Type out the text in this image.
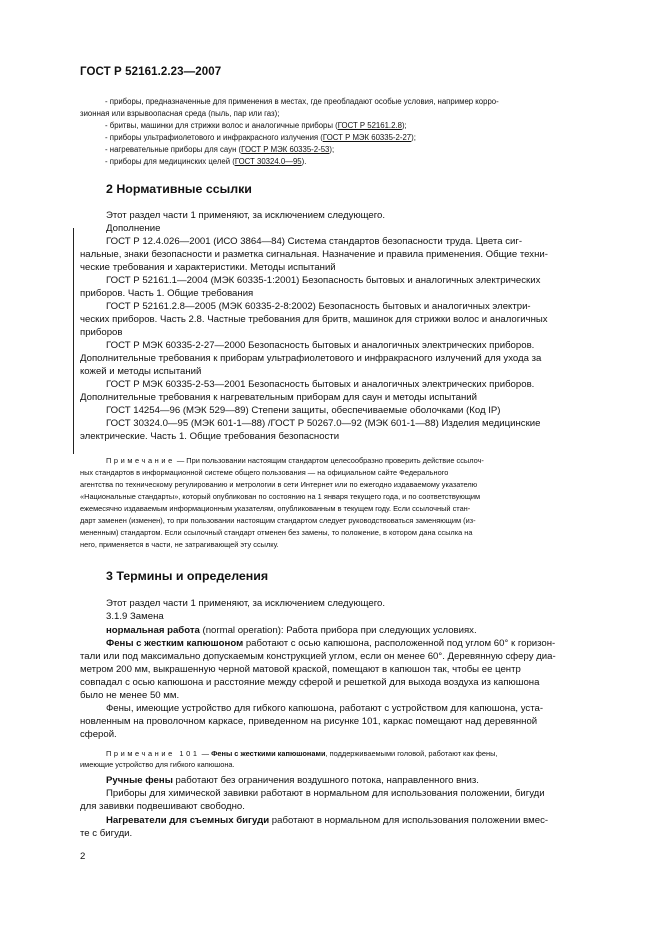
ГОСТ Р 52161.2.23—2007
- приборы, предназначенные для применения в местах, где преобладают особые условия, например корро-
зионная или взрывоопасная среда (пыль, пар или газ);
- бритвы, машинки для стрижки волос и аналогичные приборы (ГОСТ Р 52161.2.8);
- приборы ультрафиолетового и инфракрасного излучения (ГОСТ Р МЭК 60335-2-27);
- нагревательные приборы для саун (ГОСТ Р МЭК 60335-2-53);
- приборы для медицинских целей (ГОСТ 30324.0—95).
2 Нормативные ссылки
Этот раздел части 1 применяют, за исключением следующего.
Дополнение
ГОСТ Р 12.4.026—2001 (ИСО 3864—84) Система стандартов безопасности труда. Цвета сиг-
нальные, знаки безопасности и разметка сигнальная. Назначение и правила применения. Общие техни-
ческие требования и характеристики. Методы испытаний
ГОСТ Р 52161.1—2004 (МЭК 60335-1:2001) Безопасность бытовых и аналогичных электрических
приборов. Часть 1. Общие требования
ГОСТ Р 52161.2.8—2005 (МЭК 60335-2-8:2002) Безопасность бытовых и аналогичных электри-
ческих приборов. Часть 2.8. Частные требования для бритв, машинок для стрижки волос и аналогичных
приборов
ГОСТ Р МЭК 60335-2-27—2000 Безопасность бытовых и аналогичных электрических приборов.
Дополнительные требования к приборам ультрафиолетового и инфракрасного излучений для ухода за
кожей и методы испытаний
ГОСТ Р МЭК 60335-2-53—2001 Безопасность бытовых и аналогичных электрических приборов.
Дополнительные требования к нагревательным приборам для саун и методы испытаний
ГОСТ 14254—96 (МЭК 529—89) Степени защиты, обеспечиваемые оболочками (Код IP)
ГОСТ 30324.0—95 (МЭК 601-1—88) /ГОСТ Р 50267.0—92 (МЭК 601-1—88) Изделия медицинские
электрические. Часть 1. Общие требования безопасности
Примечание — При пользовании настоящим стандартом целесообразно проверить действие ссылоч-
ных стандартов в информационной системе общего пользования — на официальном сайте Федерального
агентства по техническому регулированию и метрологии в сети Интернет или по ежегодно издаваемому указателю
«Национальные стандарты», который опубликован по состоянию на 1 января текущего года, и по соответствующим
ежемесячно издаваемым информационным указателям, опубликованным в текущем году. Если ссылочный стан-
дарт заменен (изменен), то при пользовании настоящим стандартом следует руководствоваться заменяющим (из-
мененным) стандартом. Если ссылочный стандарт отменен без замены, то положение, в котором дана ссылка на
него, применяется в части, не затрагивающей эту ссылку.
3 Термины и определения
Этот раздел части 1 применяют, за исключением следующего.
3.1.9 Замена
нормальная работа (normal operation): Работа прибора при следующих условиях.
Фены с жестким капюшоном работают с осью капюшона, расположенной под углом 60° к горизон-
тали или под максимально допускаемым конструкцией углом, если он менее 60°. Деревянную сферу диа-
метром 200 мм, выкрашенную черной матовой краской, помещают в капюшон так, чтобы ее центр
совпадал с осью капюшона и расстояние между сферой и решеткой для выхода воздуха из капюшона
было не менее 50 мм.
Фены, имеющие устройство для гибкого капюшона, работают с устройством для капюшона, уста-
новленным на проволочном каркасе, приведенном на рисунке 101, каркас помещают над деревянной
сферой.
Примечание 101 — Фены с жесткими капюшонами, поддерживаемыми головой, работают как фены,
имеющие устройство для гибкого капюшона.
Ручные фены работают без ограничения воздушного потока, направленного вниз.
Приборы для химической завивки работают в нормальном для использования положении, бигуди
для завивки подвешивают свободно.
Нагреватели для съемных бигуди работают в нормальном для использования положении вмес-
те с бигуди.
2
